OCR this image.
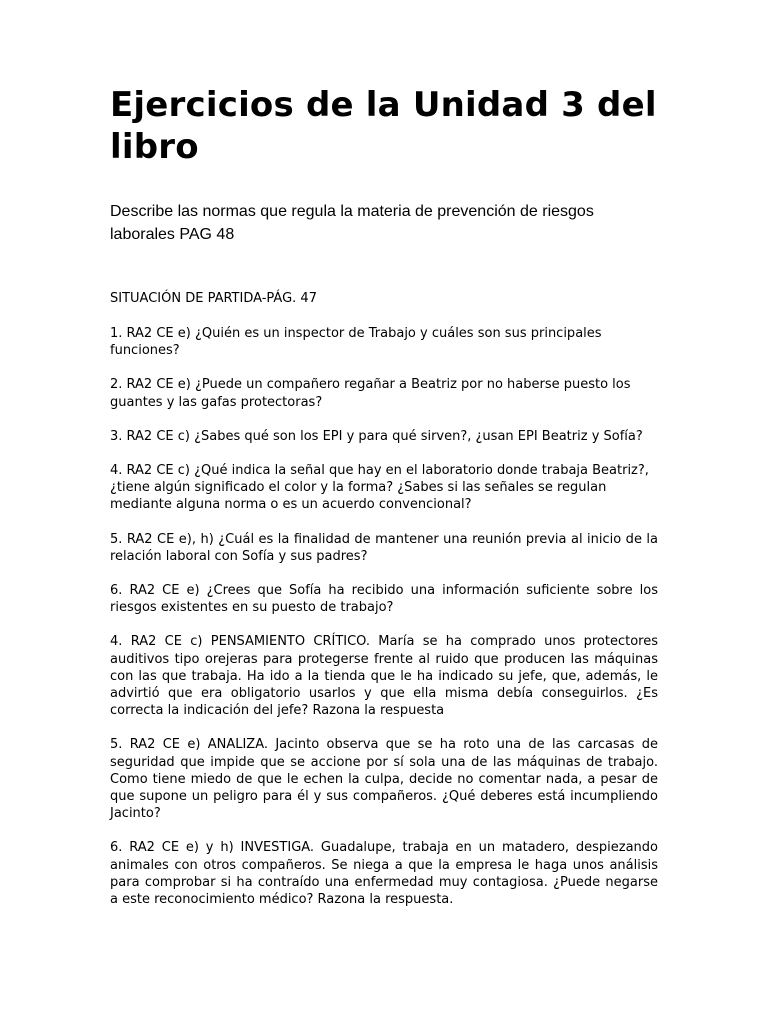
Ejercicios de la Unidad 3 del libro

Describe las normas que regula la materia de prevención de riesgos laborales PAG 48

SITUACIÓN DE PARTIDA-PÁG. 47

1. RA2 CE e) ¿Quién es un inspector de Trabajo y cuáles son sus principales funciones?

2. RA2 CE e) ¿Puede un compañero regañar a Beatriz por no haberse puesto los guantes y las gafas protectoras?

3. RA2 CE c) ¿Sabes qué son los EPI y para qué sirven?, ¿usan EPI Beatriz y Sofía?

4. RA2 CE c) ¿Qué indica la señal que hay en el laboratorio donde trabaja Beatriz?, ¿tiene algún significado el color y la forma? ¿Sabes si las señales se regulan mediante alguna norma o es un acuerdo convencional?

5. RA2 CE e), h) ¿Cuál es la finalidad de mantener una reunión previa al inicio de la relación laboral con Sofía y sus padres?

6. RA2 CE e) ¿Crees que Sofía ha recibido una información suficiente sobre los riesgos existentes en su puesto de trabajo?

4. RA2 CE c) PENSAMIENTO CRÍTICO. María se ha comprado unos protectores auditivos tipo orejeras para protegerse frente al ruido que producen las máquinas con las que trabaja. Ha ido a la tienda que le ha indicado su jefe, que, además, le advirtió que era obligatorio usarlos y que ella misma debía conseguirlos. ¿Es correcta la indicación del jefe? Razona la respuesta

5. RA2 CE e) ANALIZA. Jacinto observa que se ha roto una de las carcasas de seguridad que impide que se accione por sí sola una de las máquinas de trabajo. Como tiene miedo de que le echen la culpa, decide no comentar nada, a pesar de que supone un peligro para él y sus compañeros. ¿Qué deberes está incumpliendo Jacinto?

6. RA2 CE e) y h) INVESTIGA. Guadalupe, trabaja en un matadero, despiezando animales con otros compañeros. Se niega a que la empresa le haga unos análisis para comprobar si ha contraído una enfermedad muy contagiosa. ¿Puede negarse a este reconocimiento médico? Razona la respuesta.
